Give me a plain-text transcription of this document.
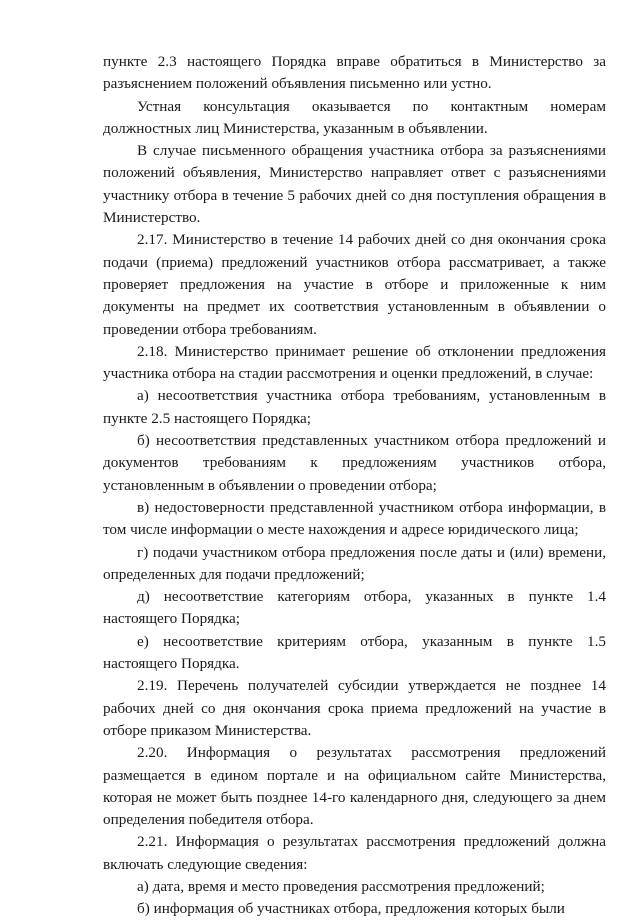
пункте 2.3 настоящего Порядка вправе обратиться в Министерство за разъяснением положений объявления письменно или устно.

Устная консультация оказывается по контактным номерам должностных лиц Министерства, указанным в объявлении.

В случае письменного обращения участника отбора за разъяснениями положений объявления, Министерство направляет ответ с разъяснениями участнику отбора в течение 5 рабочих дней со дня поступления обращения в Министерство.

2.17. Министерство в течение 14 рабочих дней со дня окончания срока подачи (приема) предложений участников отбора рассматривает, а также проверяет предложения на участие в отборе и приложенные к ним документы на предмет их соответствия установленным в объявлении о проведении отбора требованиям.

2.18. Министерство принимает решение об отклонении предложения участника отбора на стадии рассмотрения и оценки предложений, в случае:

а) несоответствия участника отбора требованиям, установленным в пункте 2.5 настоящего Порядка;

б) несоответствия представленных участником отбора предложений и документов требованиям к предложениям участников отбора, установленным в объявлении о проведении отбора;

в) недостоверности представленной участником отбора информации, в том числе информации о месте нахождения и адресе юридического лица;

г) подачи участником отбора предложения после даты и (или) времени, определенных для подачи предложений;

д) несоответствие категориям отбора, указанных в пункте 1.4 настоящего Порядка;

е) несоответствие критериям отбора, указанным в пункте 1.5 настоящего Порядка.

2.19. Перечень получателей субсидии утверждается не позднее 14 рабочих дней со дня окончания срока приема предложений на участие в отборе приказом Министерства.

2.20. Информация о результатах рассмотрения предложений размещается в едином портале и на официальном сайте Министерства, которая не может быть позднее 14-го календарного дня, следующего за днем определения победителя отбора.

2.21. Информация о результатах рассмотрения предложений должна включать следующие сведения:

а) дата, время и место проведения рассмотрения предложений;

б) информация об участниках отбора, предложения которых были
